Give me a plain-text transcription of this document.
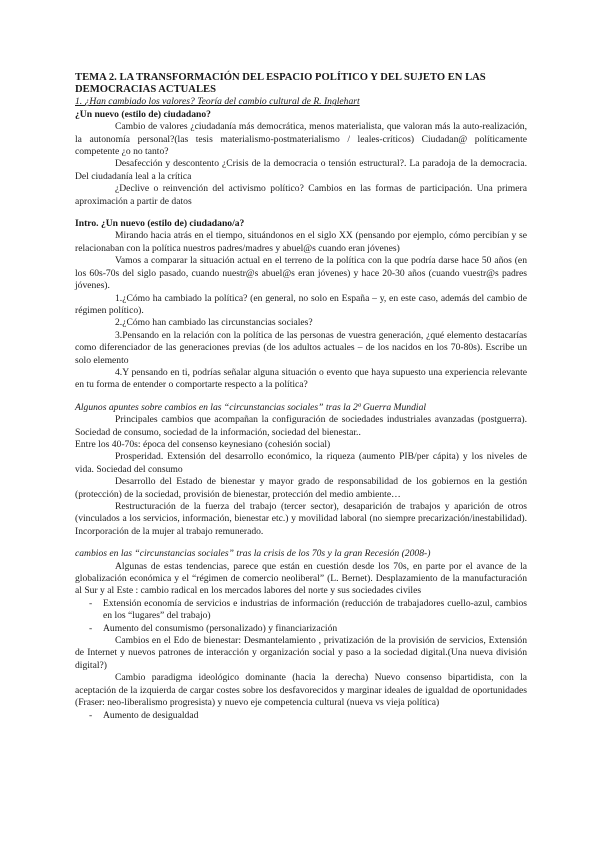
TEMA 2. LA TRANSFORMACIÓN DEL ESPACIO POLÍTICO Y DEL SUJETO EN LAS DEMOCRACIAS ACTUALES

1. ¿Han cambiado los valores? Teoría del cambio cultural de R. Inglehart

¿Un nuevo (estilo de) ciudadano?

Cambio de valores ¿ciudadanía más democrática, menos materialista, que valoran más la auto-realización, la autonomía personal?(las tesis materialismo-postmaterialismo / leales-críticos) Ciudadan@ políticamente competente ¿o no tanto?

Desafección y descontento ¿Crisis de la democracia o tensión estructural?. La paradoja de la democracia. Del ciudadanía leal a la crítica

¿Declive o reinvención del activismo político? Cambios en las formas de participación. Una primera aproximación a partir de datos

Intro. ¿Un nuevo (estilo de) ciudadano/a?

Mirando hacia atrás en el tiempo, situándonos en el siglo XX (pensando por ejemplo, cómo percibían y se relacionaban con la política nuestros padres/madres y abuel@s cuando eran jóvenes)

Vamos a comparar la situación actual en el terreno de la política con la que podría darse hace 50 años (en los 60s-70s del siglo pasado, cuando nuestr@s abuel@s eran jóvenes) y hace 20-30 años (cuando vuestr@s padres jóvenes).

1.¿Cómo ha cambiado la política? (en general, no solo en España – y, en este caso, además del cambio de régimen político).

2.¿Cómo han cambiado las circunstancias sociales?

3.Pensando en la relación con la política de las personas de vuestra generación, ¿qué elemento destacarías como diferenciador de las generaciones previas (de los adultos actuales – de los nacidos en los 70-80s). Escribe un solo elemento

4.Y pensando en ti, podrías señalar alguna situación o evento que haya supuesto una experiencia relevante en tu forma de entender o comportarte respecto a la política?

Algunos apuntes sobre cambios en las “circunstancias sociales” tras la 2ª Guerra Mundial

Principales cambios que acompañan la configuración de sociedades industriales avanzadas (postguerra). Sociedad de consumo, sociedad de la información, sociedad del bienestar..

Entre los 40-70s: época del consenso keynesiano (cohesión social)

Prosperidad. Extensión del desarrollo económico, la riqueza (aumento PIB/per cápita) y los niveles de vida. Sociedad del consumo

Desarrollo del Estado de bienestar y mayor grado de responsabilidad de los gobiernos en la gestión (protección) de la sociedad, provisión de bienestar, protección del medio ambiente…

Restructuración de la fuerza del trabajo (tercer sector), desaparición de trabajos y aparición de otros (vinculados a los servicios, información, bienestar etc.) y movilidad laboral (no siempre precarización/inestabilidad). Incorporación de la mujer al trabajo remunerado.

cambios en las “circunstancias sociales” tras la crisis de los 70s y la gran Recesión (2008-)

Algunas de estas tendencias, parece que están en cuestión desde los 70s, en parte por el avance de la globalización económica y el “régimen de comercio neoliberal” (L. Bernet). Desplazamiento de la manufacturación al Sur y al Este : cambio radical en los mercados labores del norte y sus sociedades civiles

-	Extensión economía de servicios e industrias de información (reducción de trabajadores cuello-azul, cambios en los “lugares” del trabajo)
-	Aumento del consumismo (personalizado) y financiarización

Cambios en el Edo de bienestar: Desmantelamiento , privatización de la provisión de servicios, Extensión de Internet y nuevos patrones de interacción y organización social y paso a la sociedad digital.(Una nueva división digital?)

Cambio paradigma ideológico dominante (hacia la derecha) Nuevo consenso bipartidista, con la aceptación de la izquierda de cargar costes sobre los desfavorecidos y marginar ideales de igualdad de oportunidades (Fraser: neo-liberalismo progresista) y nuevo eje competencia cultural (nueva vs vieja política)

-	Aumento de desigualdad
